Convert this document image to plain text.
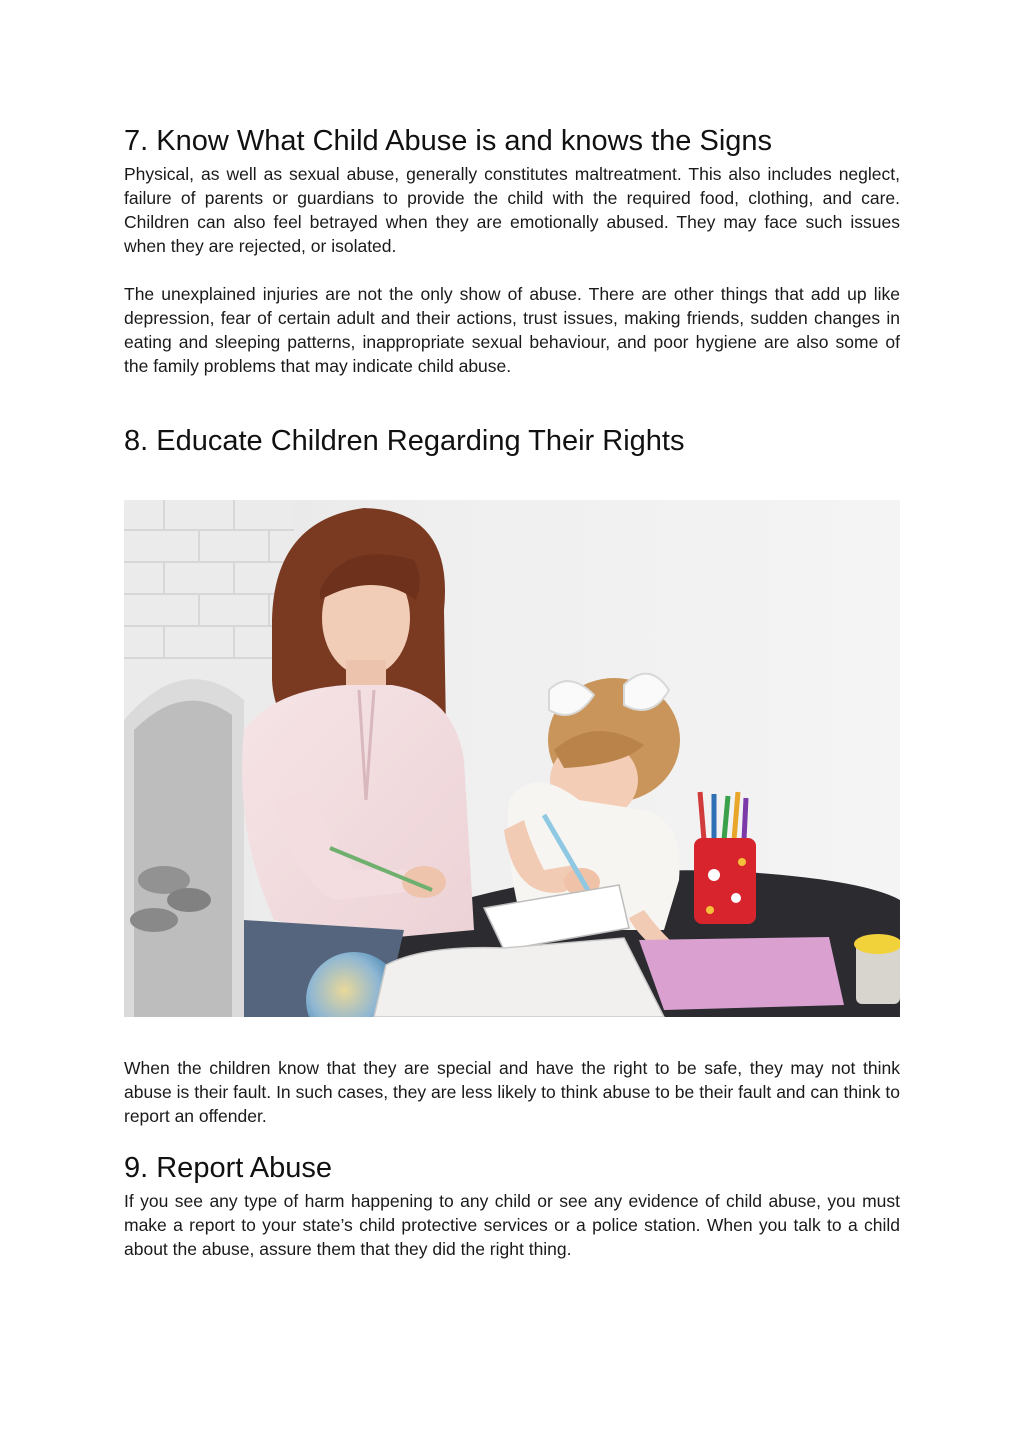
7. Know What Child Abuse is and knows the Signs

Physical, as well as sexual abuse, generally constitutes maltreatment. This also includes neglect, failure of parents or guardians to provide the child with the required food, clothing, and care. Children can also feel betrayed when they are emotionally abused. They may face such issues when they are rejected, or isolated.

The unexplained injuries are not the only show of abuse. There are other things that add up like depression, fear of certain adult and their actions, trust issues, making friends, sudden changes in eating and sleeping patterns, inappropriate sexual behaviour, and poor hygiene are also some of the family problems that may indicate child abuse.

8. Educate Children Regarding Their Rights

When the children know that they are special and have the right to be safe, they may not think abuse is their fault. In such cases, they are less likely to think abuse to be their fault and can think to report an offender.

9. Report Abuse

If you see any type of harm happening to any child or see any evidence of child abuse, you must make a report to your state’s child protective services or a police station. When you talk to a child about the abuse, assure them that they did the right thing.
